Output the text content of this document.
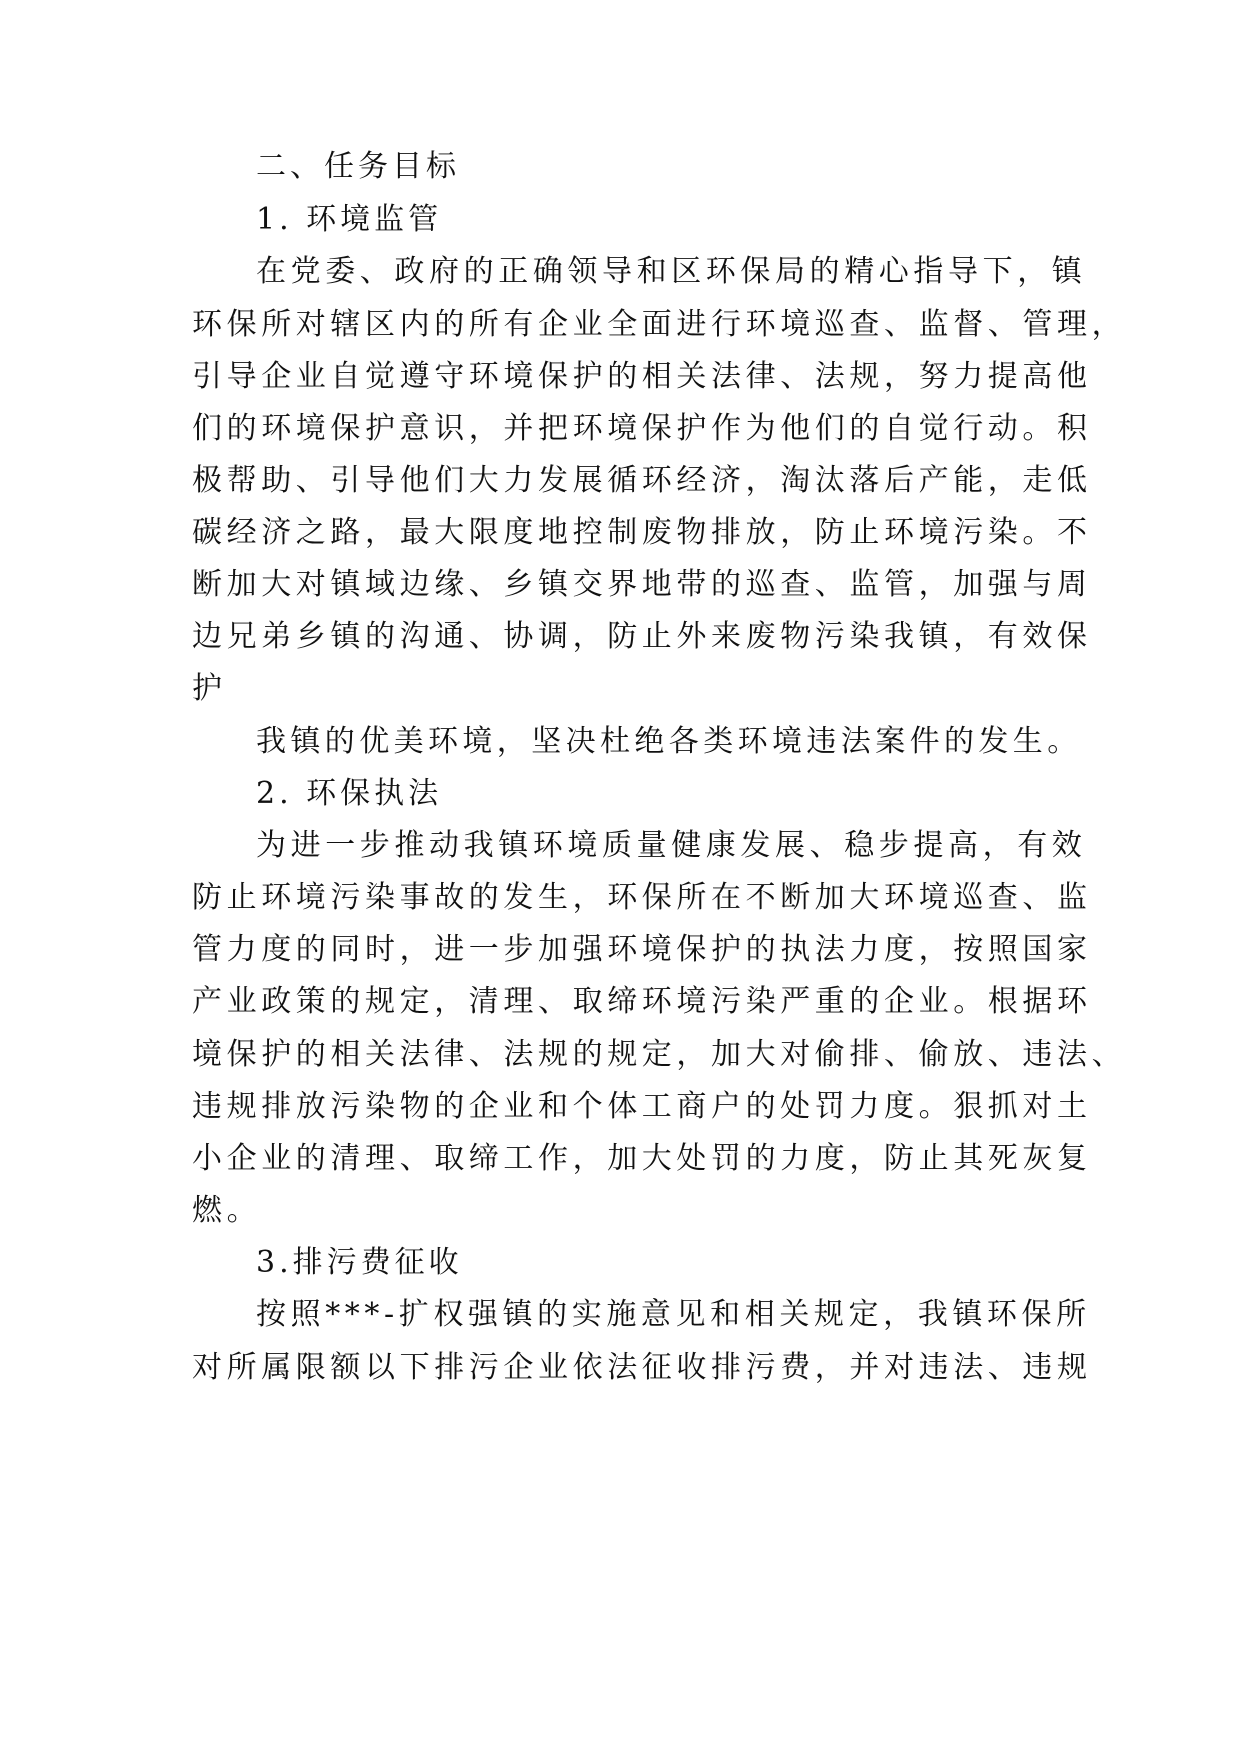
二、任务目标
1. 环境监管
在党委、政府的正确领导和区环保局的精心指导下，镇
环保所对辖区内的所有企业全面进行环境巡查、监督、管理，
引导企业自觉遵守环境保护的相关法律、法规，努力提高他
们的环境保护意识，并把环境保护作为他们的自觉行动。积
极帮助、引导他们大力发展循环经济，淘汰落后产能，走低
碳经济之路，最大限度地控制废物排放，防止环境污染。不
断加大对镇域边缘、乡镇交界地带的巡查、监管，加强与周
边兄弟乡镇的沟通、协调，防止外来废物污染我镇，有效保
护
我镇的优美环境，坚决杜绝各类环境违法案件的发生。
2. 环保执法
为进一步推动我镇环境质量健康发展、稳步提高，有效
防止环境污染事故的发生，环保所在不断加大环境巡查、监
管力度的同时，进一步加强环境保护的执法力度，按照国家
产业政策的规定，清理、取缔环境污染严重的企业。根据环
境保护的相关法律、法规的规定，加大对偷排、偷放、违法、
违规排放污染物的企业和个体工商户的处罚力度。狠抓对土
小企业的清理、取缔工作，加大处罚的力度，防止其死灰复
燃。
3.排污费征收
按照***-扩权强镇的实施意见和相关规定，我镇环保所
对所属限额以下排污企业依法征收排污费，并对违法、违规
